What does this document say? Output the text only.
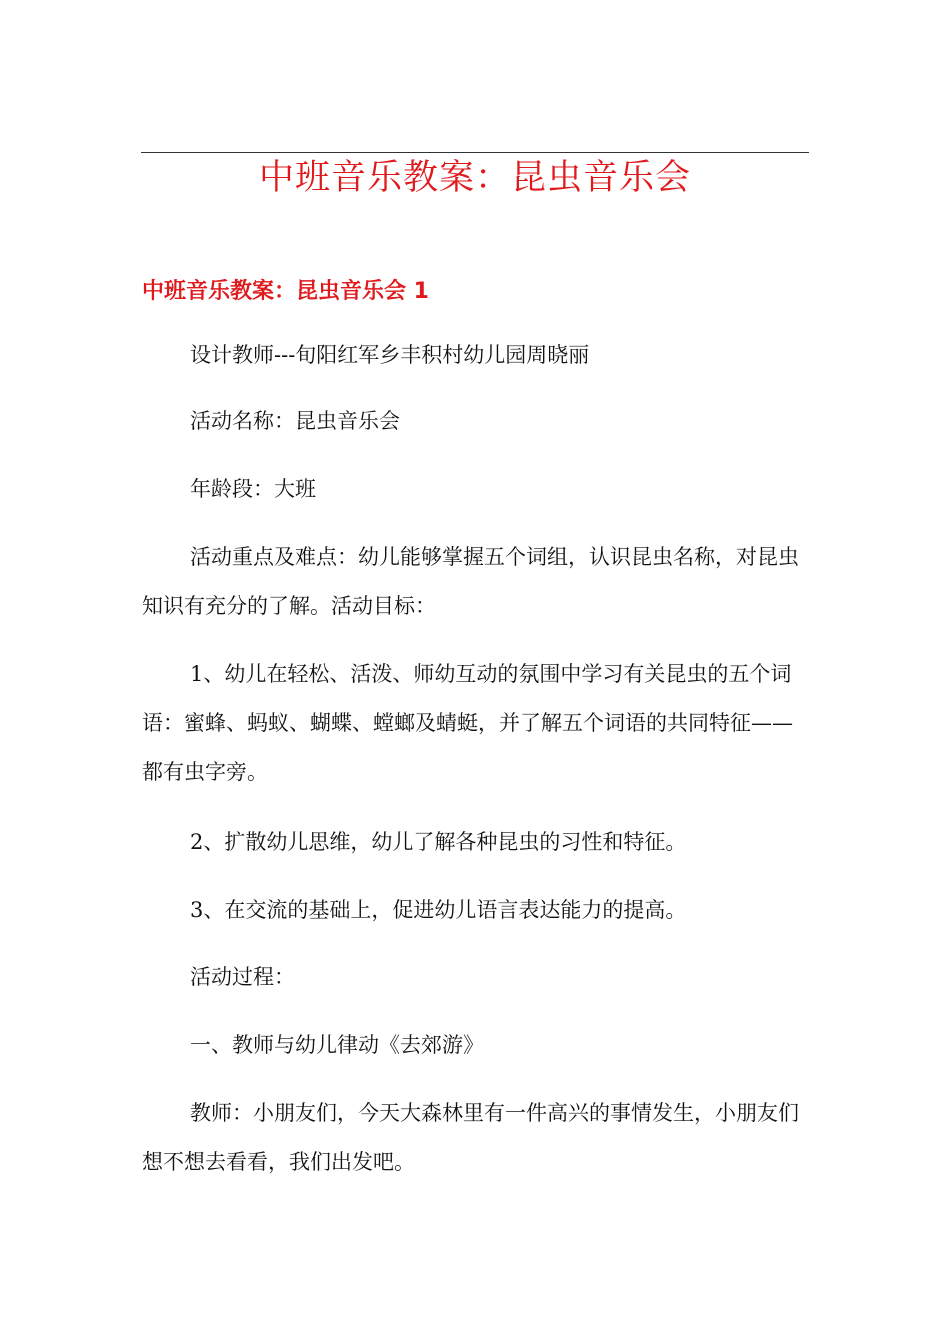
中班音乐教案：昆虫音乐会
中班音乐教案：昆虫音乐会 1

设计教师---旬阳红军乡丰积村幼儿园周晓丽

活动名称：昆虫音乐会

年龄段：大班

活动重点及难点：幼儿能够掌握五个词组，认识昆虫名称，对昆虫知识有充分的了解。活动目标：

1、幼儿在轻松、活泼、师幼互动的氛围中学习有关昆虫的五个词语：蜜蜂、蚂蚁、蝴蝶、螳螂及蜻蜓，并了解五个词语的共同特征——都有虫字旁。

2、扩散幼儿思维，幼儿了解各种昆虫的习性和特征。

3、在交流的基础上，促进幼儿语言表达能力的提高。

活动过程：

一、教师与幼儿律动《去郊游》

教师：小朋友们，今天大森林里有一件高兴的事情发生，小朋友们想不想去看看，我们出发吧。
